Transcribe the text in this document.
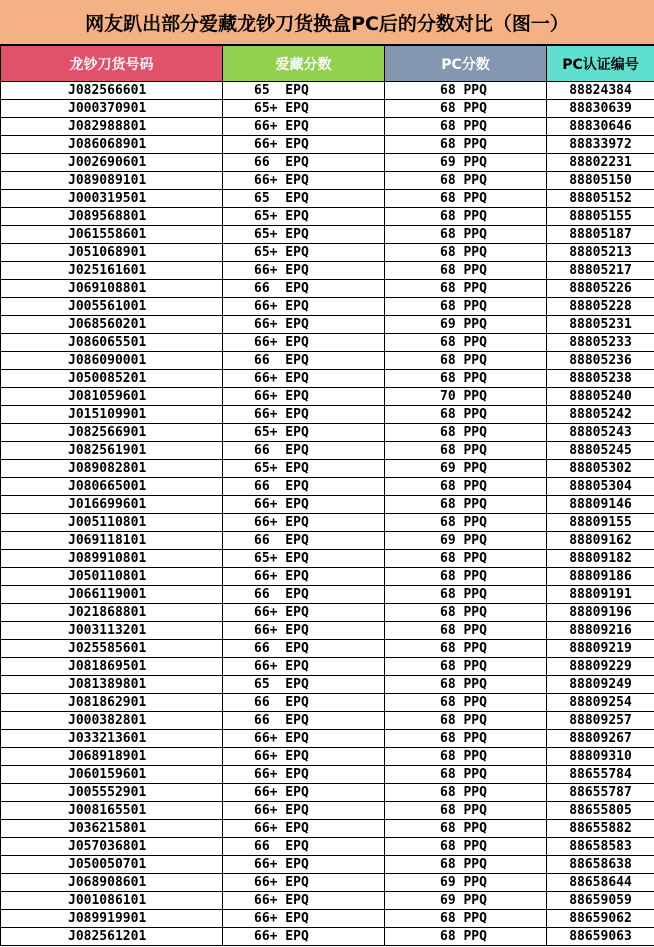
网友趴出部分爱藏龙钞刀货换盒PC后的分数对比（图一）
龙钞刀货号码	爱藏分数	PC分数	PC认证编号
J082566601	65  EPQ	68 PPQ	88824384
J000370901	65+ EPQ	68 PPQ	88830639
J082988801	66+ EPQ	68 PPQ	88830646
J086068901	66+ EPQ	68 PPQ	88833972
J002690601	66  EPQ	69 PPQ	88802231
J089089101	66+ EPQ	68 PPQ	88805150
J000319501	65  EPQ	68 PPQ	88805152
J089568801	65+ EPQ	68 PPQ	88805155
J061558601	65+ EPQ	68 PPQ	88805187
J051068901	65+ EPQ	68 PPQ	88805213
J025161601	66+ EPQ	68 PPQ	88805217
J069108801	66  EPQ	68 PPQ	88805226
J005561001	66+ EPQ	68 PPQ	88805228
J068560201	66+ EPQ	69 PPQ	88805231
J086065501	66+ EPQ	68 PPQ	88805233
J086090001	66  EPQ	68 PPQ	88805236
J050085201	66+ EPQ	68 PPQ	88805238
J081059601	66+ EPQ	70 PPQ	88805240
J015109901	66+ EPQ	68 PPQ	88805242
J082566901	65+ EPQ	68 PPQ	88805243
J082561901	66  EPQ	68 PPQ	88805245
J089082801	65+ EPQ	69 PPQ	88805302
J080665001	66  EPQ	68 PPQ	88805304
J016699601	66+ EPQ	68 PPQ	88809146
J005110801	66+ EPQ	68 PPQ	88809155
J069118101	66  EPQ	69 PPQ	88809162
J089910801	65+ EPQ	68 PPQ	88809182
J050110801	66+ EPQ	68 PPQ	88809186
J066119001	66  EPQ	68 PPQ	88809191
J021868801	66+ EPQ	68 PPQ	88809196
J003113201	66+ EPQ	68 PPQ	88809216
J025585601	66  EPQ	68 PPQ	88809219
J081869501	66+ EPQ	68 PPQ	88809229
J081389801	65  EPQ	68 PPQ	88809249
J081862901	66  EPQ	68 PPQ	88809254
J000382801	66  EPQ	68 PPQ	88809257
J033213601	66+ EPQ	68 PPQ	88809267
J068918901	66+ EPQ	68 PPQ	88809310
J060159601	66+ EPQ	68 PPQ	88655784
J005552901	66+ EPQ	68 PPQ	88655787
J008165501	66+ EPQ	68 PPQ	88655805
J036215801	66+ EPQ	68 PPQ	88655882
J057036801	66  EPQ	68 PPQ	88658583
J050050701	66+ EPQ	68 PPQ	88658638
J068908601	66+ EPQ	69 PPQ	88658644
J001086101	66+ EPQ	69 PPQ	88659059
J089919901	66+ EPQ	68 PPQ	88659062
J082561201	66+ EPQ	68 PPQ	88659063
